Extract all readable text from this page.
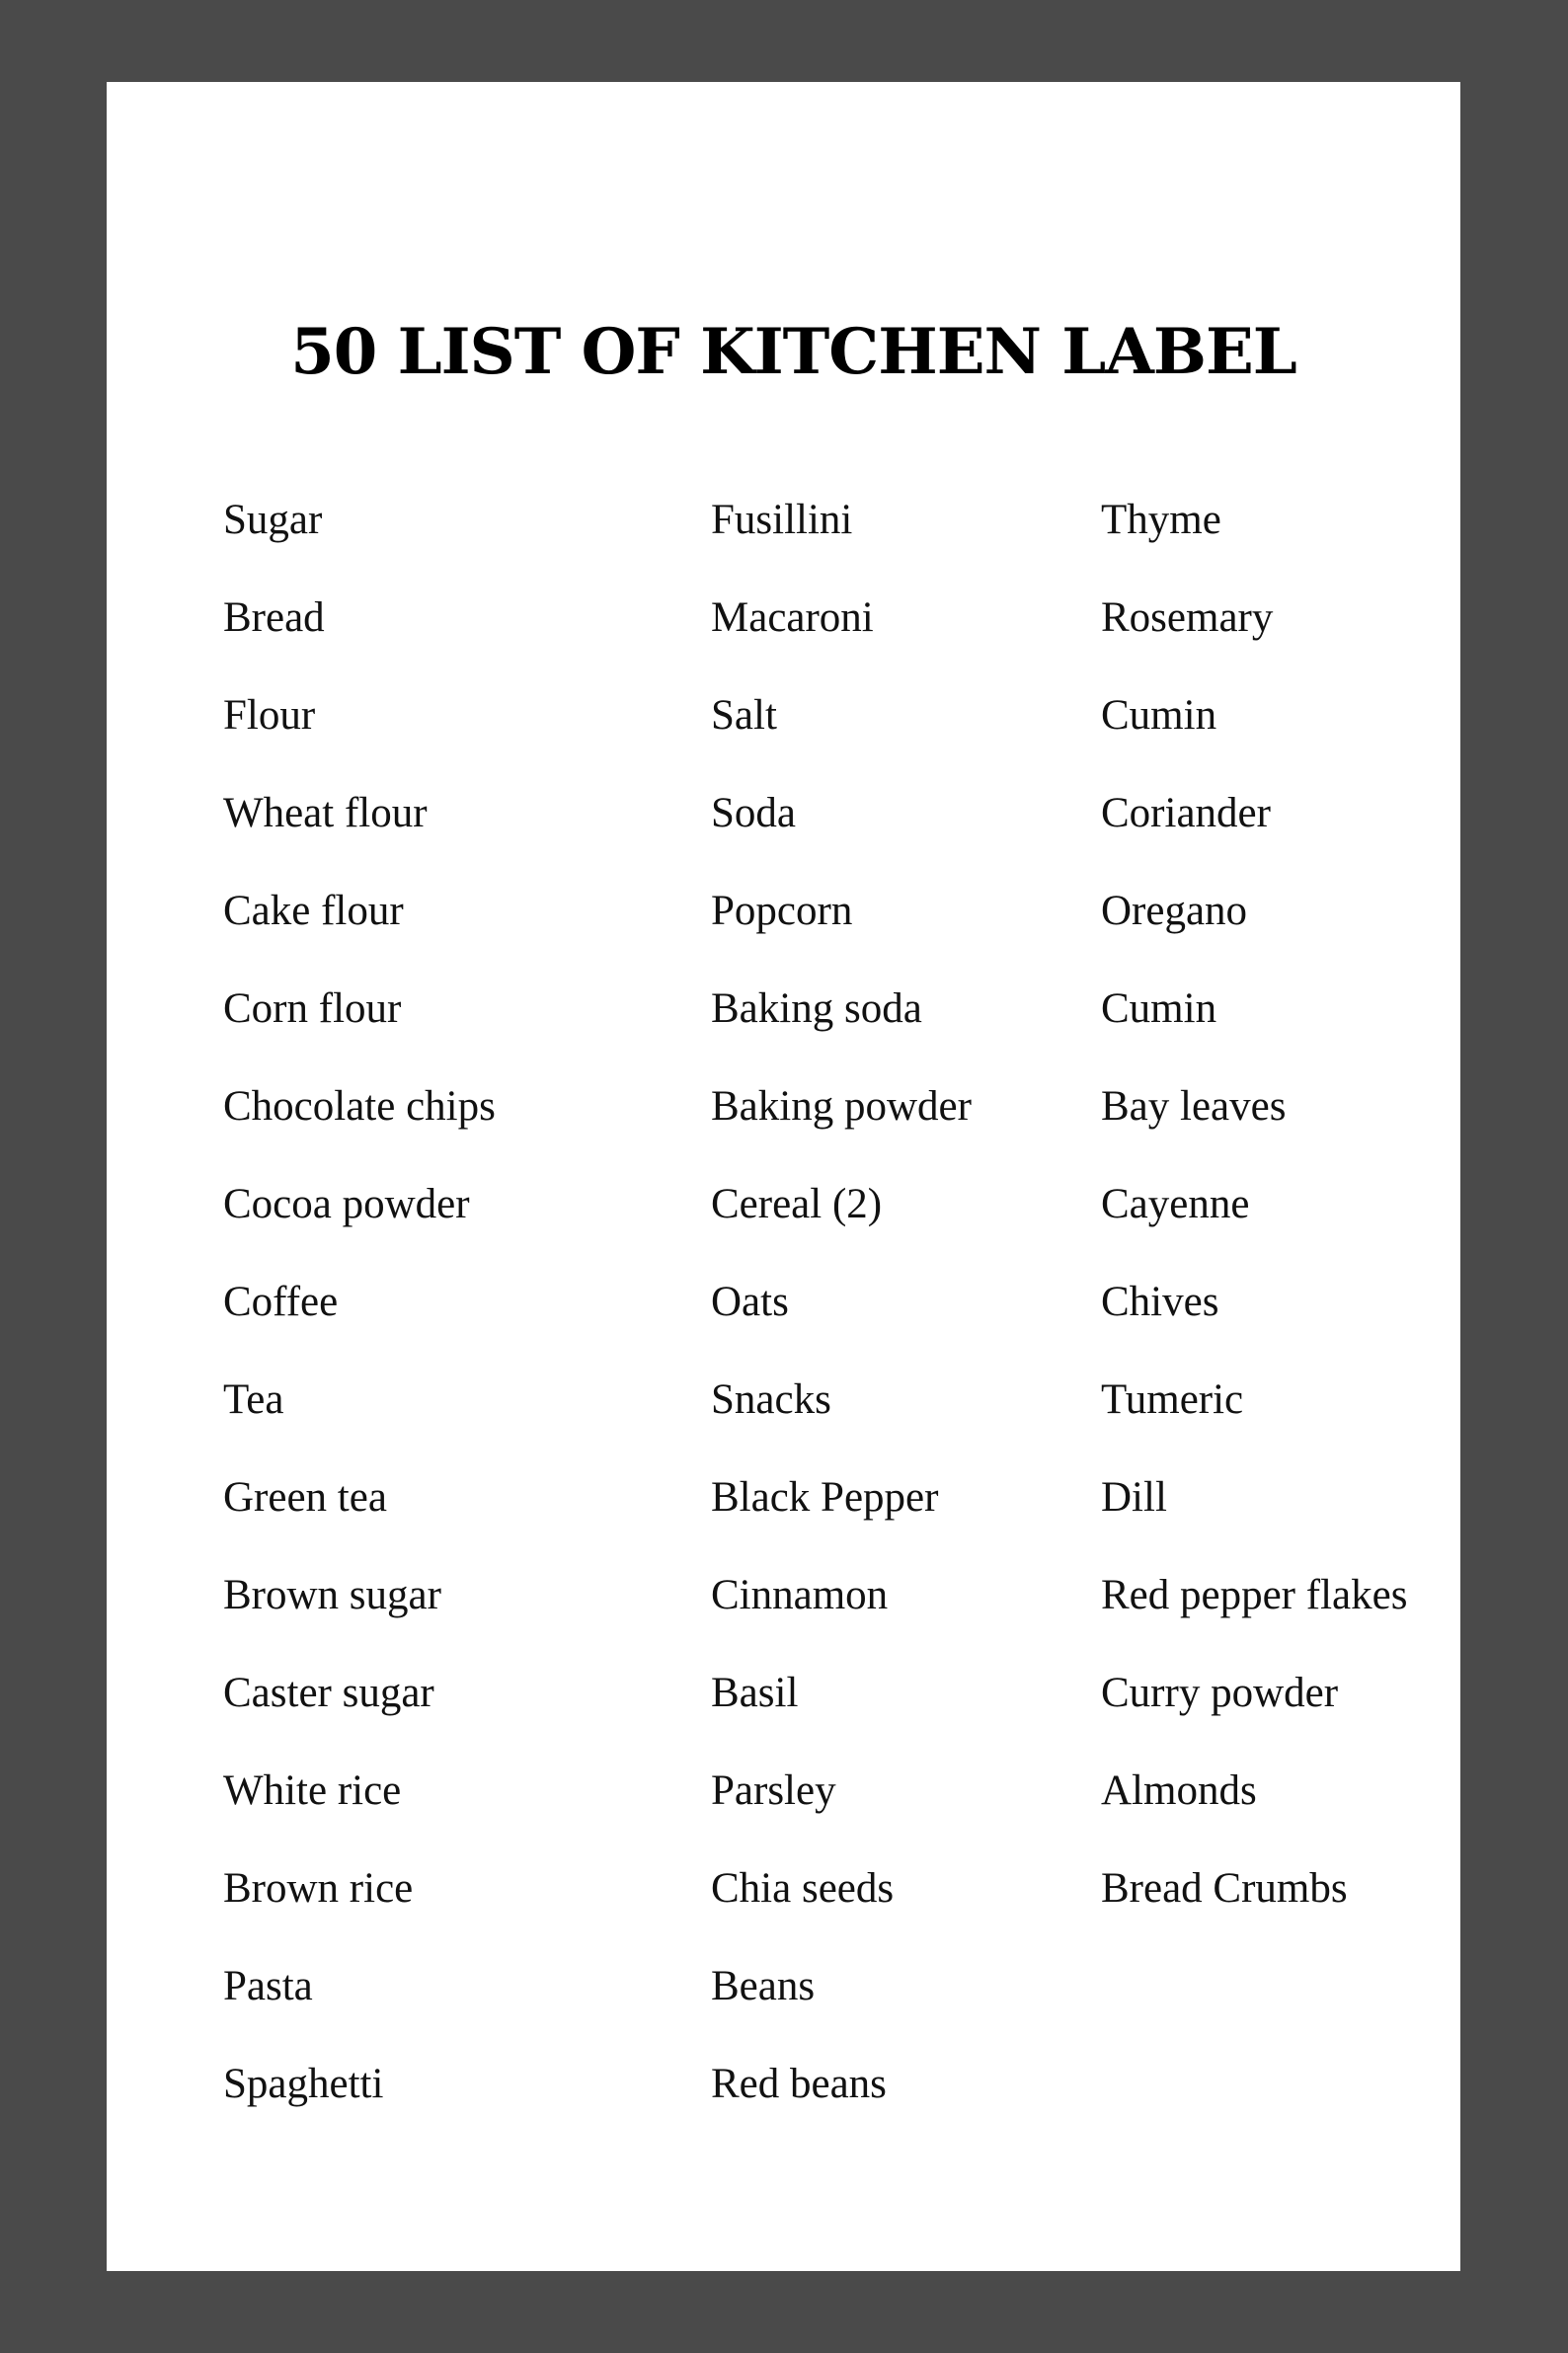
50 LIST OF KITCHEN LABEL
Sugar
Bread
Flour
Wheat flour
Cake flour
Corn flour
Chocolate chips
Cocoa powder
Coffee
Tea
Green tea
Brown sugar
Caster sugar
White rice
Brown rice
Pasta
Spaghetti
Fusillini
Macaroni
Salt
Soda
Popcorn
Baking soda
Baking powder
Cereal (2)
Oats
Snacks
Black Pepper
Cinnamon
Basil
Parsley
Chia seeds
Beans
Red beans
Thyme
Rosemary
Cumin
Coriander
Oregano
Cumin
Bay leaves
Cayenne
Chives
Tumeric
Dill
Red pepper flakes
Curry powder
Almonds
Bread Crumbs
